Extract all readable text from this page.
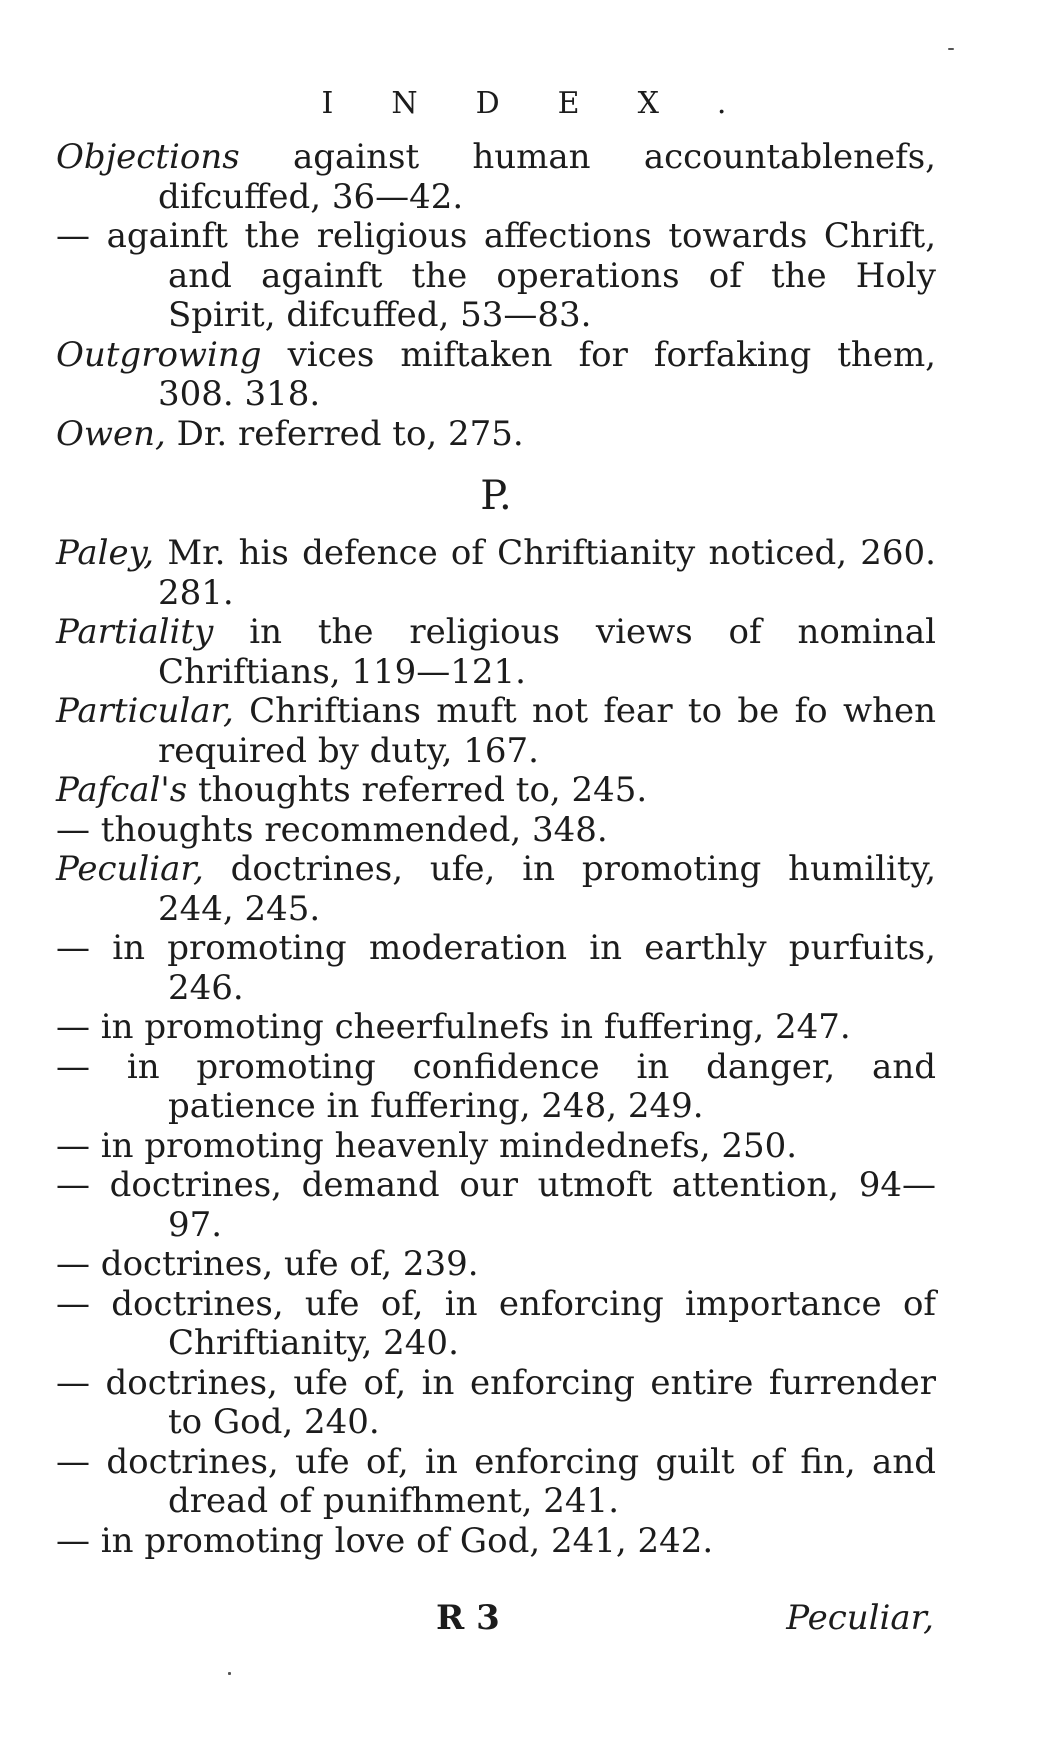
INDEX.
Objections against human accountablenefs, difcuffed, 36—42.
— againft the religious affections towards Chrift, and againft the operations of the Holy Spirit, difcuffed, 53—83.
Outgrowing vices miftaken for forfaking them, 308. 318.
Owen, Dr. referred to, 275.
P.
Paley, Mr. his defence of Chriftianity noticed, 260. 281.
Partiality in the religious views of nominal Chriftians, 119—121.
Particular, Chriftians muft not fear to be fo when required by duty, 167.
Pafcal's thoughts referred to, 245.
— thoughts recommended, 348.
Peculiar, doctrines, ufe, in promoting humility, 244, 245.
— in promoting moderation in earthly purfuits, 246.
— in promoting cheerfulnefs in fuffering, 247.
— in promoting confidence in danger, and patience in fuffering, 248, 249.
— in promoting heavenly mindednefs, 250.
— doctrines, demand our utmoft attention, 94—97.
— doctrines, ufe of, 239.
— doctrines, ufe of, in enforcing importance of Chriftianity, 240.
— doctrines, ufe of, in enforcing entire furrender to God, 240.
— doctrines, ufe of, in enforcing guilt of fin, and dread of punifhment, 241.
— in promoting love of God, 241, 242.
R 3	Peculiar,
